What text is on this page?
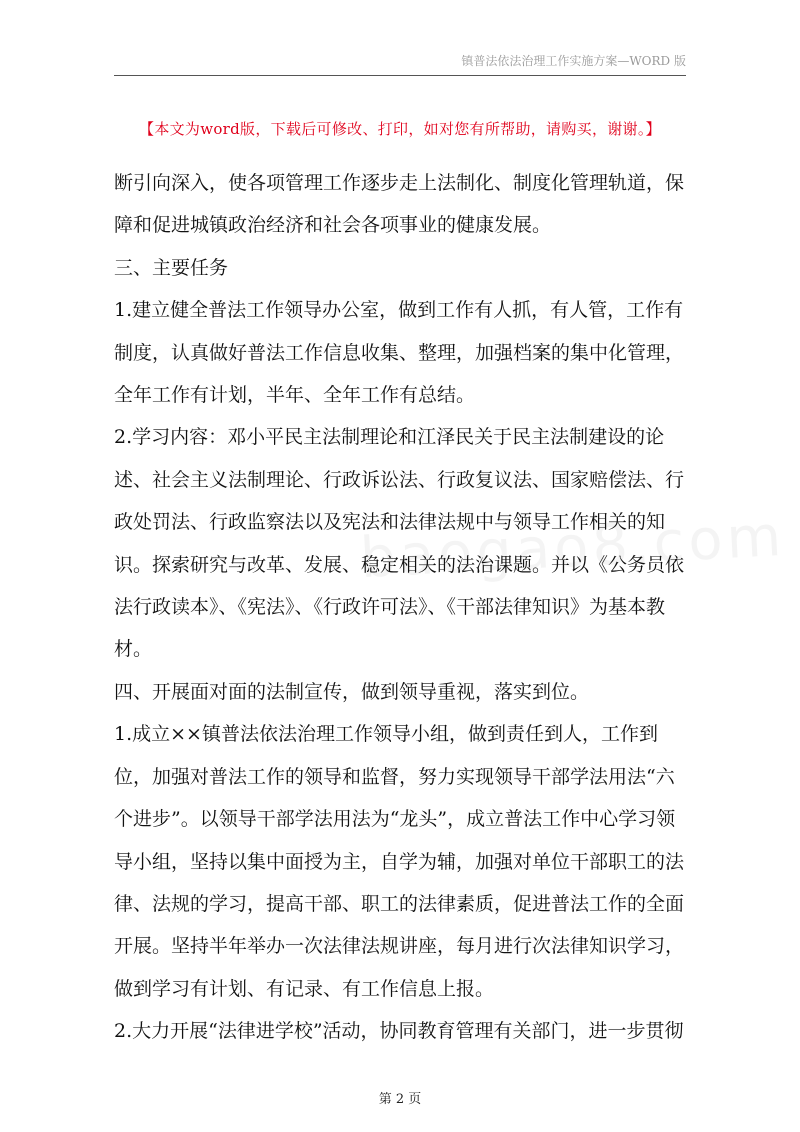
镇普法依法治理工作实施方案—WORD 版
【本文为word版，下载后可修改、打印，如对您有所帮助，请购买，谢谢。】

断引向深入，使各项管理工作逐步走上法制化、制度化管理轨道，保障和促进城镇政治经济和社会各项事业的健康发展。

三、主要任务

1.建立健全普法工作领导办公室，做到工作有人抓，有人管，工作有制度，认真做好普法工作信息收集、整理，加强档案的集中化管理，全年工作有计划，半年、全年工作有总结。

2.学习内容：邓小平民主法制理论和江泽民关于民主法制建设的论述、社会主义法制理论、行政诉讼法、行政复议法、国家赔偿法、行政处罚法、行政监察法以及宪法和法律法规中与领导工作相关的知识。探索研究与改革、发展、稳定相关的法治课题。并以《公务员依法行政读本》、《宪法》、《行政许可法》、《干部法律知识》为基本教材。

四、开展面对面的法制宣传，做到领导重视，落实到位。

1.成立××镇普法依法治理工作领导小组，做到责任到人，工作到位，加强对普法工作的领导和监督，努力实现领导干部学法用法“六个进步”。以领导干部学法用法为“龙头”，成立普法工作中心学习领导小组，坚持以集中面授为主，自学为辅，加强对单位干部职工的法律、法规的学习，提高干部、职工的法律素质，促进普法工作的全面开展。坚持半年举办一次法律法规讲座，每月进行次法律知识学习，做到学习有计划、有记录、有工作信息上报。

2.大力开展“法律进学校”活动，协同教育管理有关部门，进一步贯彻

第 2 页
